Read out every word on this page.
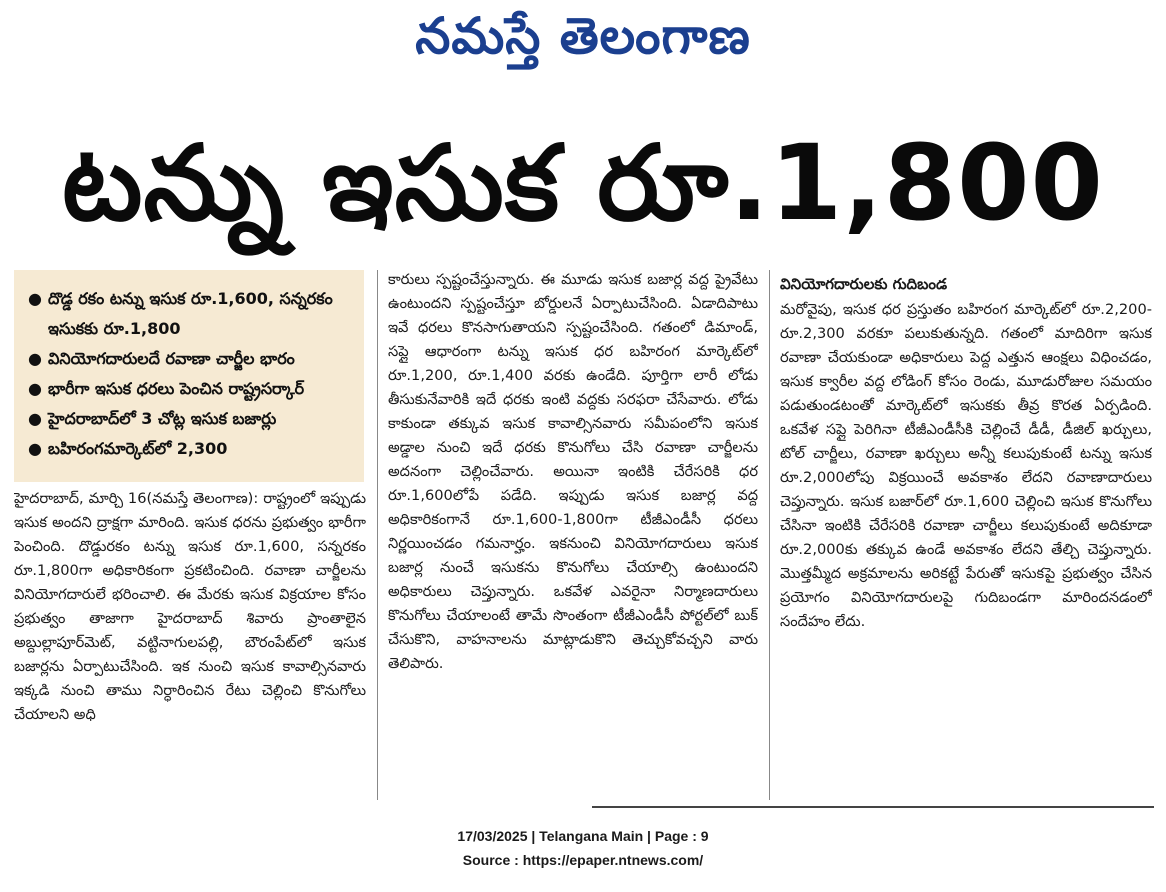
నమస్తే తెలంగాణ
టన్ను ఇసుక రూ.1,800
● దొడ్డ రకం టన్ను ఇసుక రూ.1,600, సన్నరకం ఇసుకకు రూ.1,800
● వినియోగదారులదే రవాణా చార్జీల భారం
● భారీగా ఇసుక ధరలు పెంచిన రాష్ట్రసర్కార్
● హైదరాబాద్‌లో 3 చోట్ల ఇసుక బజార్లు
● బహిరంగమార్కెట్‌లో 2,300

హైదరాబాద్, మార్చి 16(నమస్తే తెలంగాణ): రాష్ట్రంలో ఇప్పుడు ఇసుక అందని ద్రాక్షగా మారింది. ఇసుక ధరను ప్రభుత్వం భారీగా పెంచింది. దొడ్డురకం టన్ను ఇసుక రూ.1,600, సన్నరకం రూ.1,800గా అధికారికంగా ప్రకటించింది. రవాణా చార్జీలను వినియోగదారులే భరించాలి. ఈ మేరకు ఇసుక విక్రయాల కోసం ప్రభుత్వం తాజాగా హైదరాబాద్ శివారు ప్రాంతాలైన అబ్దుల్లాపూర్‌మెట్, వట్టినాగులపల్లి, బౌరంపేట్‌లో ఇసుక బజార్లను ఏర్పాటుచేసింది. ఇక నుంచి ఇసుక కావాల్సినవారు ఇక్కడి నుంచి తాము నిర్ధారించిన రేటు చెల్లించి కొనుగోలు చేయాలని అధి

కారులు స్పష్టంచేస్తున్నారు. ఈ మూడు ఇసుక బజార్ల వద్ద ప్రైవేటు ఉంటుందని స్పష్టంచేస్తూ బోర్డులనే ఏర్పాటుచేసింది. ఏడాదిపాటు ఇవే ధరలు కొనసాగుతాయని స్పష్టంచేసింది. గతంలో డిమాండ్, సప్లై ఆధారంగా టన్ను ఇసుక ధర బహిరంగ మార్కెట్‌లో రూ.1,200, రూ.1,400 వరకు ఉండేది. పూర్తిగా లారీ లోడు తీసుకునేవారికి ఇదే ధరకు ఇంటి వద్దకు సరఫరా చేసేవారు. లోడు కాకుండా తక్కువ ఇసుక కావాల్సినవారు సమీపంలోని ఇసుక అడ్డాల నుంచి ఇదే ధరకు కొనుగోలు చేసి రవాణా చార్జీలను అదనంగా చెల్లించేవారు. అయినా ఇంటికి చేరేసరికి ధర రూ.1,600లోపే పడేది. ఇప్పుడు ఇసుక బజార్ల వద్ద అధికారికంగానే రూ.1,600-1,800గా టీజీఎండీసీ ధరలు నిర్ణయించడం గమనార్హం. ఇకనుంచి వినియోగదారులు ఇసుక బజార్ల నుంచే ఇసుకను కొనుగోలు చేయాల్సి ఉంటుందని అధికారులు చెప్తున్నారు. ఒకవేళ ఎవరైనా నిర్మాణదారులు కొనుగోలు చేయాలంటే తామే సొంతంగా టీజీఎండీసీ పోర్టల్‌లో బుక్ చేసుకొని, వాహనాలను మాట్లాడుకొని తెచ్చుకోవచ్చని వారు తెలిపారు.

వినియోగదారులకు గుదిబండ

మరోవైపు, ఇసుక ధర ప్రస్తుతం బహిరంగ మార్కెట్‌లో రూ.2,200-రూ.2,300 వరకూ పలుకుతున్నది. గతంలో మాదిరిగా ఇసుక రవాణా చేయకుండా అధికారులు పెద్ద ఎత్తున ఆంక్షలు విధించడం, ఇసుక క్వారీల వద్ద లోడింగ్ కోసం రెండు, మూడురోజుల సమయం పడుతుండటంతో మార్కెట్‌లో ఇసుకకు తీవ్ర కొరత ఏర్పడింది. ఒకవేళ సప్లై పెరిగినా టీజీఎండీసీకి చెల్లించే డీడీ, డీజిల్ ఖర్చులు, టోల్ చార్జీలు, రవాణా ఖర్చులు అన్నీ కలుపుకుంటే టన్ను ఇసుక రూ.2,000లోపు విక్రయించే అవకాశం లేదని రవాణాదారులు చెప్తున్నారు. ఇసుక బజార్‌లో రూ.1,600 చెల్లించి ఇసుక కొనుగోలు చేసినా ఇంటికి చేరేసరికి రవాణా చార్జీలు కలుపుకుంటే అదికూడా రూ.2,000కు తక్కువ ఉండే అవకాశం లేదని తేల్చి చెప్తున్నారు. మొత్తమ్మీద అక్రమాలను అరికట్టే పేరుతో ఇసుకపై ప్రభుత్వం చేసిన ప్రయోగం వినియోగదారులపై గుదిబండగా మారిందనడంలో సందేహం లేదు.

17/03/2025 | Telangana Main | Page : 9
Source : https://epaper.ntnews.com/
